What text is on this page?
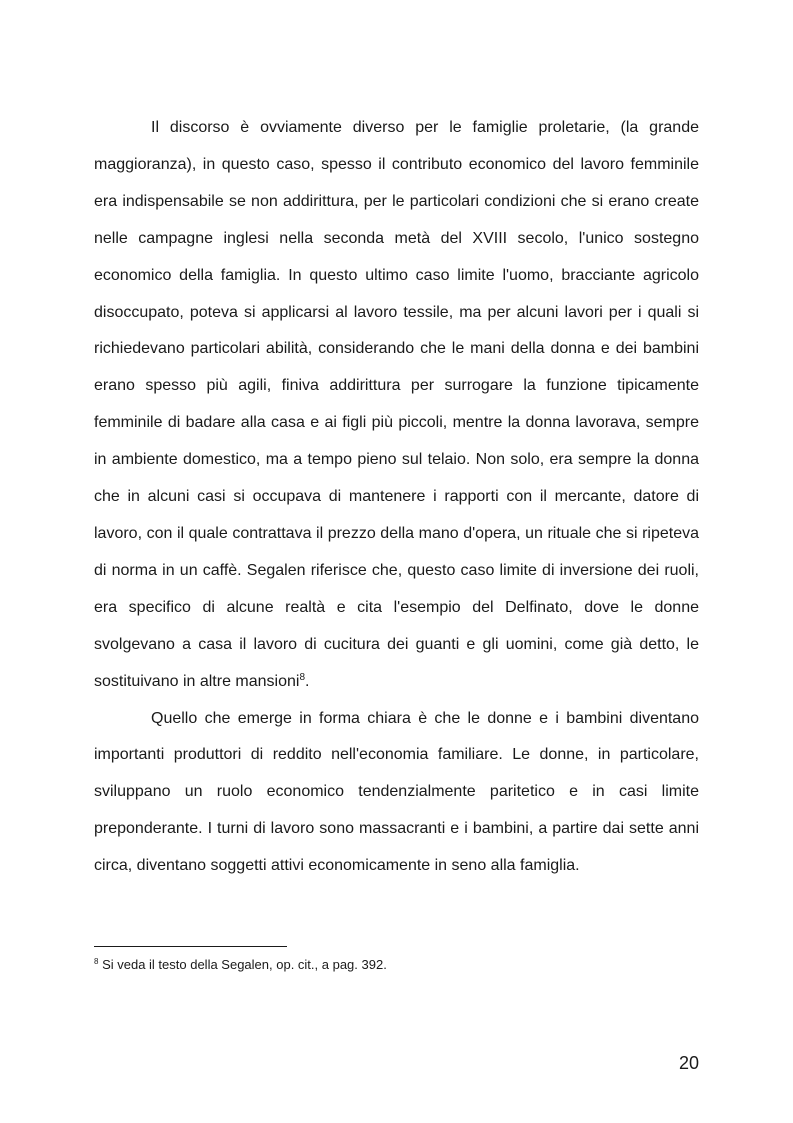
Il discorso è ovviamente diverso per le famiglie proletarie, (la grande maggioranza), in questo caso, spesso il contributo economico del lavoro femminile era indispensabile se non addirittura, per le particolari condizioni che si erano create nelle campagne inglesi nella seconda metà del XVIII secolo, l'unico sostegno economico della famiglia. In questo ultimo caso limite l'uomo, bracciante agricolo disoccupato, poteva si applicarsi al lavoro tessile, ma per alcuni lavori per i quali si richiedevano particolari abilità, considerando che le mani della donna e dei bambini erano spesso più agili, finiva addirittura per surrogare la funzione tipicamente femminile di badare alla casa e ai figli più piccoli, mentre la donna lavorava, sempre in ambiente domestico, ma a tempo pieno sul telaio. Non solo, era sempre la donna che in alcuni casi si occupava di mantenere i rapporti con il mercante, datore di lavoro, con il quale contrattava il prezzo della mano d'opera, un rituale che si ripeteva di norma in un caffè. Segalen riferisce che, questo caso limite di inversione dei ruoli, era specifico di alcune realtà e cita l'esempio del Delfinato, dove le donne svolgevano a casa il lavoro di cucitura dei guanti e gli uomini, come già detto, le sostituivano in altre mansioni$^8$.

Quello che emerge in forma chiara è che le donne e i bambini diventano importanti produttori di reddito nell'economia familiare. Le donne, in particolare, sviluppano un ruolo economico tendenzialmente paritetico e in casi limite preponderante. I turni di lavoro sono massacranti e i bambini, a partire dai sette anni circa, diventano soggetti attivi economicamente in seno alla famiglia.

$^8$ Si veda il testo della Segalen, op. cit., a pag. 392.
20
